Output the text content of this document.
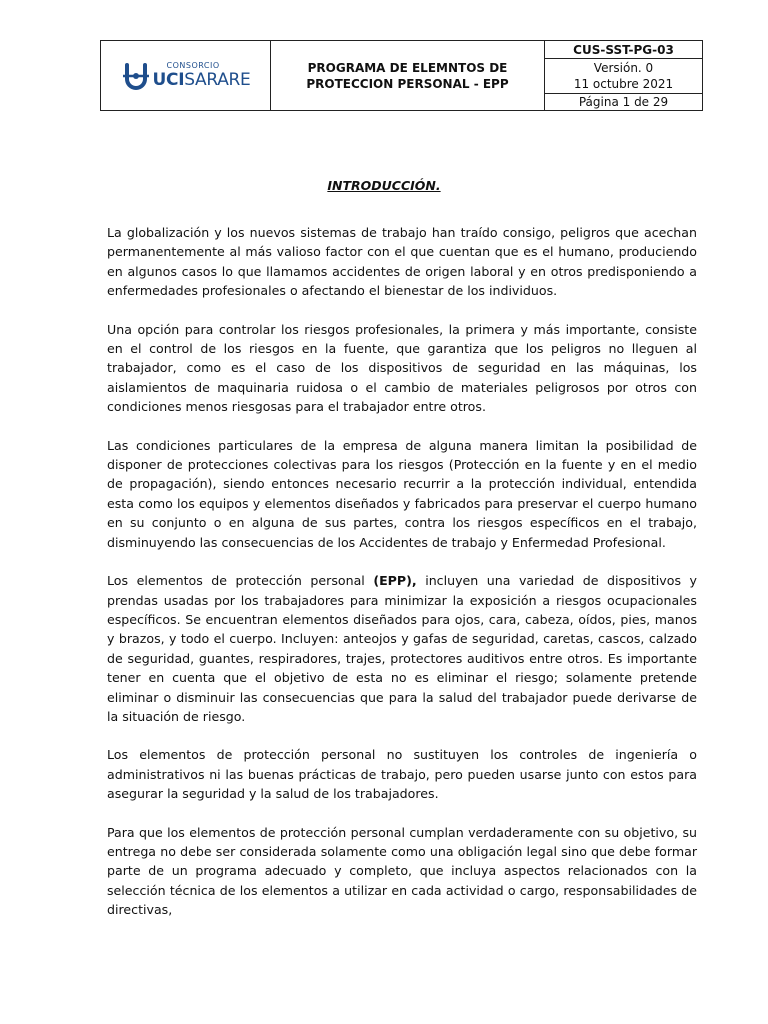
CONSORCIO
UCISARARE
PROGRAMA DE ELEMNTOS DE
PROTECCION PERSONAL - EPP
CUS-SST-PG-03
Versión. 0
11 octubre 2021
Página 1 de 29
INTRODUCCIÓN.

La globalización y los nuevos sistemas de trabajo han traído consigo, peligros que acechan permanentemente al más valioso factor con el que cuentan que es el humano, produciendo en algunos casos lo que llamamos accidentes de origen laboral y en otros predisponiendo a enfermedades profesionales o afectando el bienestar de los individuos.

Una opción para controlar los riesgos profesionales, la primera y más importante, consiste en el control de los riesgos en la fuente, que garantiza que los peligros no lleguen al trabajador, como es el caso de los dispositivos de seguridad en las máquinas, los aislamientos de maquinaria ruidosa o el cambio de materiales peligrosos por otros con condiciones menos riesgosas para el trabajador entre otros.

Las condiciones particulares de la empresa de alguna manera limitan la posibilidad de disponer de protecciones colectivas para los riesgos (Protección en la fuente y en el medio de propagación), siendo entonces necesario recurrir a la protección individual, entendida esta como los equipos y elementos diseñados y fabricados para preservar el cuerpo humano en su conjunto o en alguna de sus partes, contra los riesgos específicos en el trabajo, disminuyendo las consecuencias de los Accidentes de trabajo y Enfermedad Profesional.

Los elementos de protección personal (EPP), incluyen una variedad de dispositivos y prendas usadas por los trabajadores para minimizar la exposición a riesgos ocupacionales específicos. Se encuentran elementos diseñados para ojos, cara, cabeza, oídos, pies, manos y brazos, y todo el cuerpo. Incluyen: anteojos y gafas de seguridad, caretas, cascos, calzado de seguridad, guantes, respiradores, trajes, protectores auditivos entre otros. Es importante tener en cuenta que el objetivo de esta no es eliminar el riesgo; solamente pretende eliminar o disminuir las consecuencias que para la salud del trabajador puede derivarse de la situación de riesgo.

Los elementos de protección personal no sustituyen los controles de ingeniería o administrativos ni las buenas prácticas de trabajo, pero pueden usarse junto con estos para asegurar la seguridad y la salud de los trabajadores.

Para que los elementos de protección personal cumplan verdaderamente con su objetivo, su entrega no debe ser considerada solamente como una obligación legal sino que debe formar parte de un programa adecuado y completo, que incluya aspectos relacionados con la selección técnica de los elementos a utilizar en cada actividad o cargo, responsabilidades de directivas,
